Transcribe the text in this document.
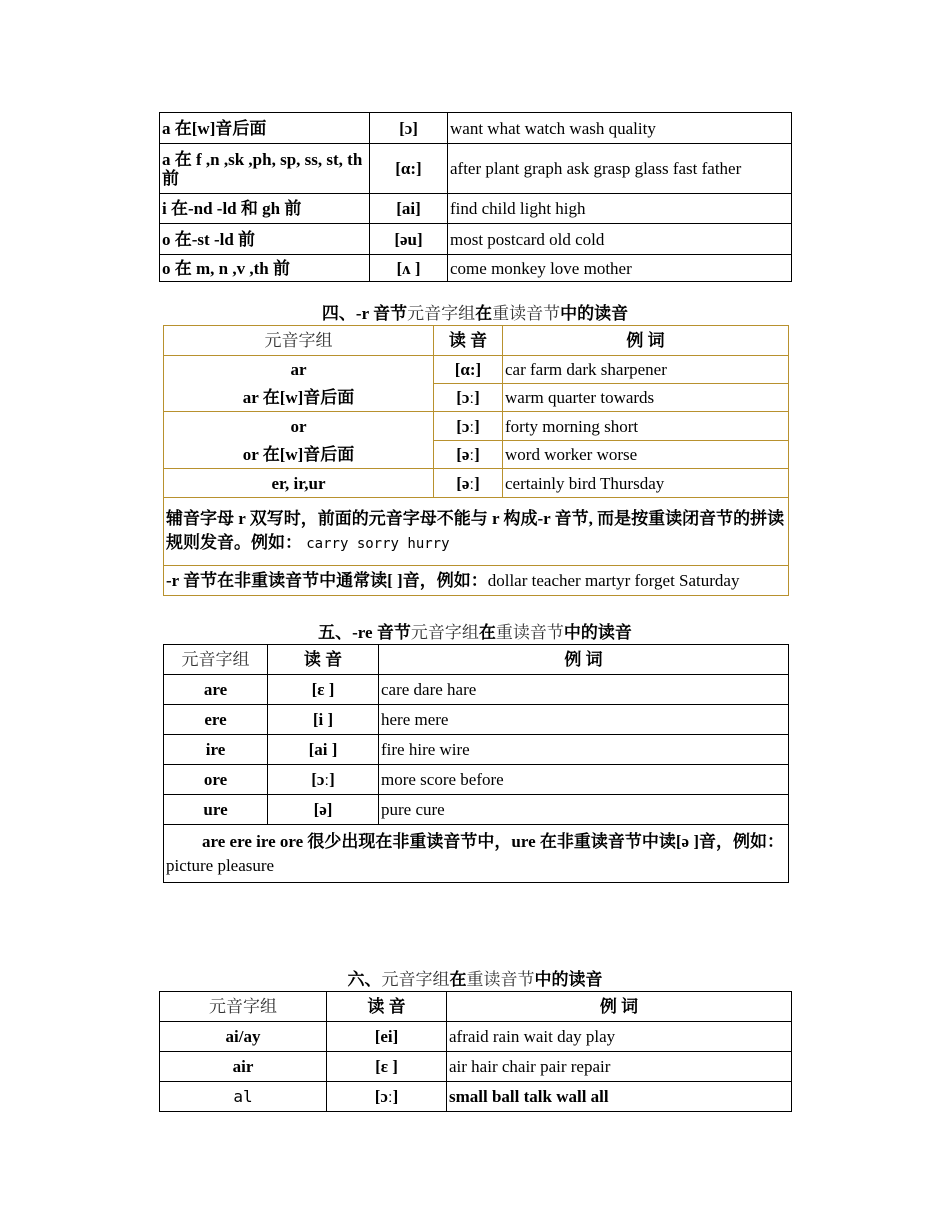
a 在[w]音后面	[ɔ]	want what watch wash quality
a 在 f ,n ,sk ,ph, sp, ss, st, th 前	[α:]	after plant graph ask grasp glass fast father
i 在-nd -ld 和 gh 前	[ai]	find child light high
o 在-st -ld 前	[əu]	most postcard old cold
o 在 m, n ,v ,th 前	[ʌ ]	come monkey love mother
四、-r 音节元音字组在重读音节中的读音
元音字组	读 音	例 词
ar	[α:]	car farm dark sharpener
ar 在[w]音后面	[ɔː]	warm quarter towards
or	[ɔː]	forty morning short
or 在[w]音后面	[əː]	word worker worse
er, ir,ur	[əː]	certainly bird Thursday
辅音字母 r 双写时，前面的元音字母不能与 r 构成-r 音节, 而是按重读闭音节的拼读规则发音。例如： carry sorry hurry		
-r 音节在非重读音节中通常读[ ]音，例如：dollar teacher martyr forget Saturday		
五、-re 音节元音字组在重读音节中的读音
元音字组	读 音	例 词
are	[ε ]	care dare hare
ere	[i ]	here mere
ire	[ai ]	fire hire wire
ore	[ɔː]	more score before
ure	[ə]	pure cure
are ere ire ore 很少出现在非重读音节中，ure 在非重读音节中读[ə ]音，例如：picture pleasure		
六、元音字组在重读音节中的读音
元音字组	读 音	例 词
ai/ay	[ei]	afraid rain wait day play
air	[ε ]	air hair chair pair repair
al	[ɔː]	small ball talk wall all
